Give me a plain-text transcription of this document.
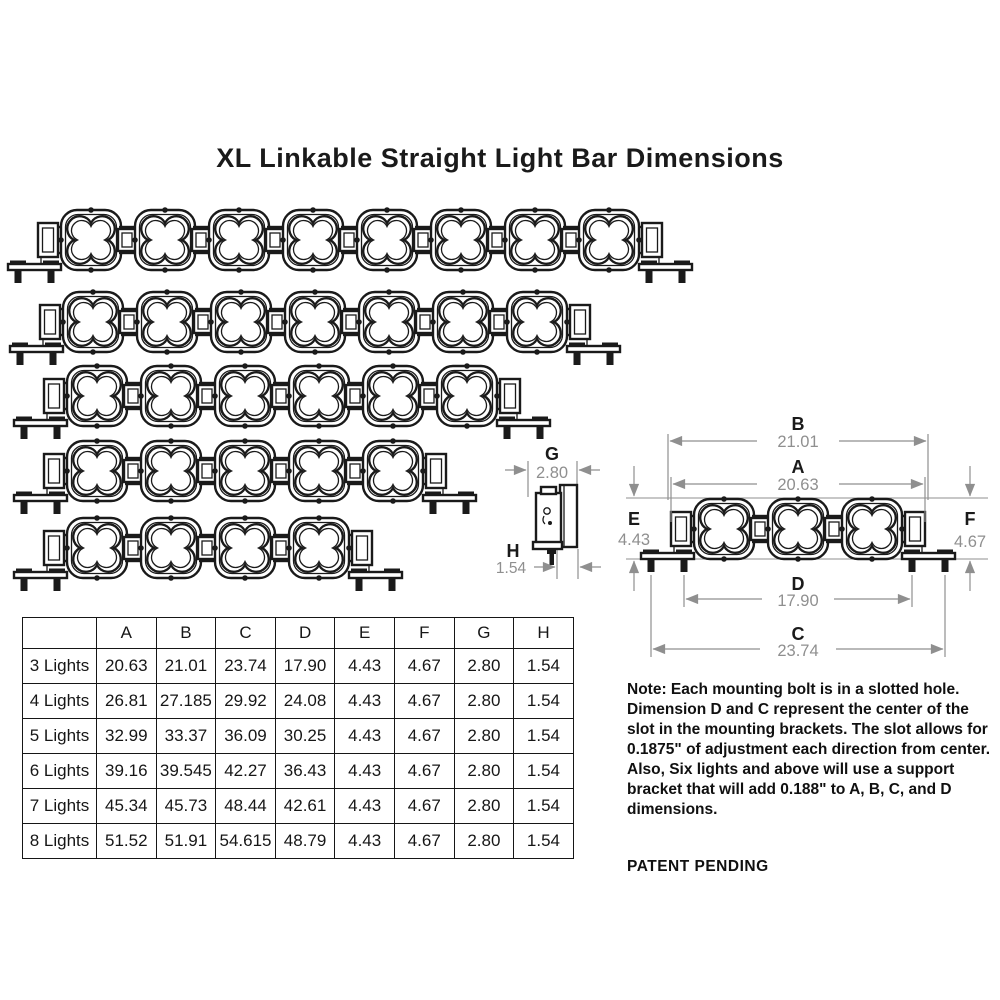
XL Linkable Straight Light Bar Dimensions
G
2.80
H
1.54
B
21.01
A
20.63
E
4.43
F
4.67
D
17.90
C
23.74
	A	B	C	D	E	F	G	H
3 Lights	20.63	21.01	23.74	17.90	4.43	4.67	2.80	1.54
4 Lights	26.81	27.185	29.92	24.08	4.43	4.67	2.80	1.54
5 Lights	32.99	33.37	36.09	30.25	4.43	4.67	2.80	1.54
6 Lights	39.16	39.545	42.27	36.43	4.43	4.67	2.80	1.54
7 Lights	45.34	45.73	48.44	42.61	4.43	4.67	2.80	1.54
8 Lights	51.52	51.91	54.615	48.79	4.43	4.67	2.80	1.54

Note: Each mounting bolt is in a slotted hole. Dimension D and C represent the center of the slot in the mounting brackets. The slot allows for 0.1875" of adjustment each direction from center. Also, Six lights and above will use a support bracket that will add 0.188" to A, B, C, and D dimensions.

PATENT PENDING
